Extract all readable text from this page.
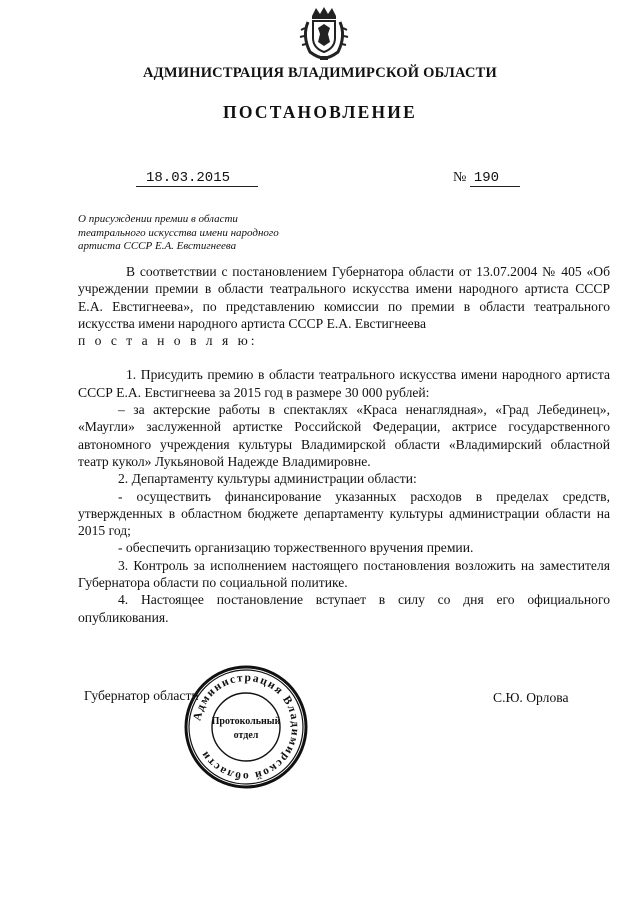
АДМИНИСТРАЦИЯ ВЛАДИМИРСКОЙ ОБЛАСТИ
ПОСТАНОВЛЕНИЕ
18.03.2015	№ 190
О присуждении премии в области
театрального искусства имени народного
артиста СССР Е.А. Евстигнеева

В соответствии с постановлением Губернатора области от 13.07.2004 № 405 «Об учреждении премии в области театрального искусства имени народного артиста СССР Е.А. Евстигнеева», по представлению комиссии по премии в области театрального искусства имени народного артиста СССР Е.А. Евстигнеева

п о с т а н о в л я ю:

1. Присудить премию в области театрального искусства имени народного артиста СССР Е.А. Евстигнеева за 2015 год в размере 30 000 рублей:

– за актерские работы в спектаклях «Краса ненаглядная», «Град Лебединец», «Маугли» заслуженной артистке Российской Федерации, актрисе государственного автономного учреждения культуры Владимирской области «Владимирский областной театр кукол» Лукьяновой Надежде Владимировне.

2. Департаменту культуры администрации области:

- осуществить финансирование указанных расходов в пределах средств, утвержденных в областном бюджете департаменту культуры администрации области на 2015 год;

- обеспечить организацию торжественного вручения премии.

3. Контроль за исполнением настоящего постановления возложить на заместителя Губернатора области по социальной политике.

4. Настоящее постановление вступает в силу со дня его официального опубликования.

Губернатор области	С.Ю. Орлова
Администрация Владимирской области
Протокольный
отдел
